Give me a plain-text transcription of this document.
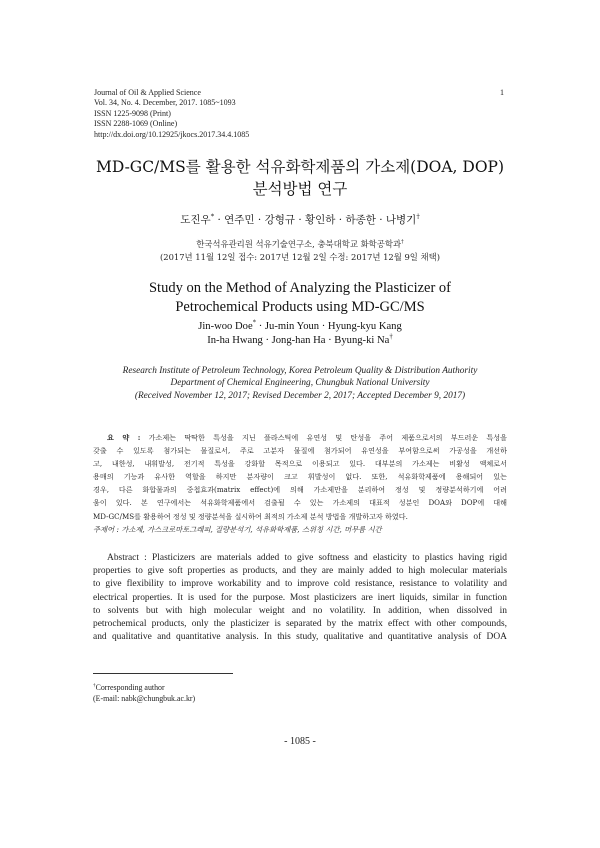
Journal of Oil & Applied Science
Vol. 34, No. 4. December, 2017. 1085~1093
ISSN 1225-9098 (Print)
ISSN 2288-1069 (Online)
http://dx.doi.org/10.12925/jkocs.2017.34.4.1085
1
MD-GC/MS를 활용한 석유화학제품의 가소제(DOA, DOP)
분석방법 연구
도진우* · 연주민 · 강형규 · 황인하 · 하종한 · 나병기†
한국석유관리원 석유기술연구소, 충북대학교 화학공학과†
(2017년 11월 12일 접수: 2017년 12월 2일 수정: 2017년 12월 9일 채택)
Study on the Method of Analyzing the Plasticizer of
Petrochemical Products using MD-GC/MS
Jin-woo Doe* · Ju-min Youn · Hyung-kyu Kang
In-ha Hwang · Jong-han Ha · Byung-ki Na†
Research Institute of Petroleum Technology, Korea Petroleum Quality & Distribution Authority
Department of Chemical Engineering, Chungbuk National University
(Received November 12, 2017; Revised December 2, 2017; Accepted December 9, 2017)
요 약 : 가소제는 딱딱한 특성을 지닌 플라스틱에 유연성 및 탄성을 주어 제품으로서의 부드러운 특성을
갖출 수 있도록 첨가되는 물질로서, 주로 고분자 물질에 첨가되어 유연성을 부여함으로써 가공성을 개선하
고, 내한성, 내휘발성, 전기적 특성을 강화할 목적으로 이용되고 있다. 대부분의 가소제는 비활성 액체로서
용매의 기능과 유사한 역할을 하지만 분자량이 크고 휘발성이 없다. 또한, 석유화학제품에 용해되어 있는
경우, 다른 화합물과의 중첩효과(matrix effect)에 의해 가소제만을 분리하여 정성 및 정량분석하기에 어려
움이 있다. 본 연구에서는 석유화학제품에서 검출될 수 있는 가소제의 대표적 성분인 DOA와 DOP에 대해
MD-GC/MS를 활용하여 정성 및 정량분석을 실시하여 최적의 가소제 분석 방법을 개발하고자 하였다.
주제어 : 가소제, 가스크로마토그래피, 질량분석기, 석유화학제품, 스위칭 시간, 머무름 시간
Abstract : Plasticizers are materials added to give softness and elasticity to plastics having rigid
properties to give soft properties as products, and they are mainly added to high molecular materials
to give flexibility to improve workability and to improve cold resistance, resistance to volatility and
electrical properties. It is used for the purpose. Most plasticizers are inert liquids, similar in function
to solvents but with high molecular weight and no volatility. In addition, when dissolved in
petrochemical products, only the plasticizer is separated by the matrix effect with other compounds,
and qualitative and quantitative analysis. In this study, qualitative and quantitative analysis of DOA
†Corresponding author
(E-mail: nabk@chungbuk.ac.kr)
- 1085 -
